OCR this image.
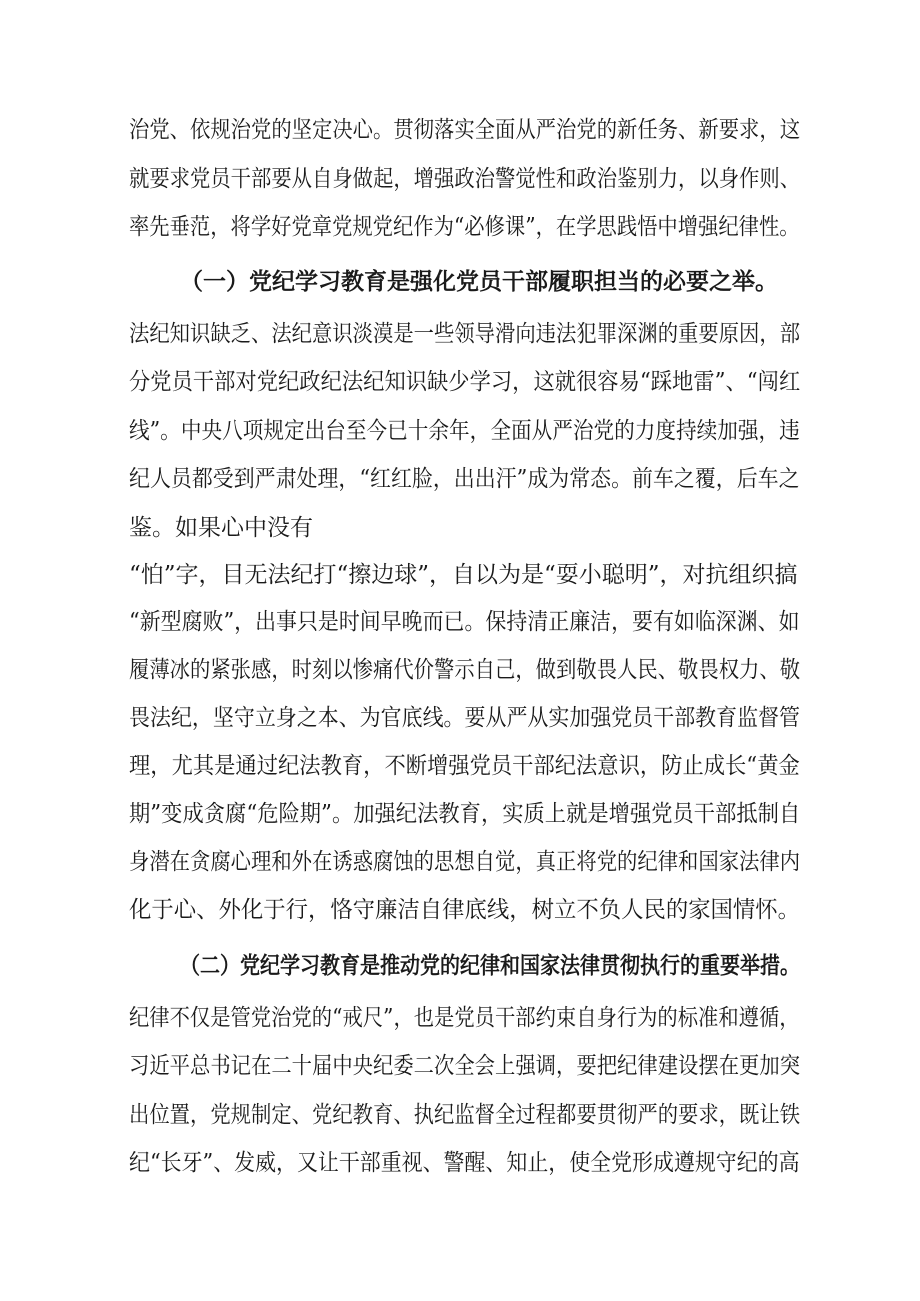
治党、依规治党的坚定决心。贯彻落实全面从严治党的新任务、新要求，这
就要求党员干部要从自身做起，增强政治警觉性和政治鉴别力，以身作则、
率先垂范，将学好党章党规党纪作为“必修课”，在学思践悟中增强纪律性。
（一）党纪学习教育是强化党员干部履职担当的必要之举。
法纪知识缺乏、法纪意识淡漠是一些领导滑向违法犯罪深渊的重要原因，部
分党员干部对党纪政纪法纪知识缺少学习，这就很容易“踩地雷”、“闯红
线”。中央八项规定出台至今已十余年，全面从严治党的力度持续加强，违
纪人员都受到严肃处理，“红红脸，出出汗”成为常态。前车之覆，后车之
鉴。如果心中没有
“怕”字，目无法纪打“擦边球”，自以为是“耍小聪明”，对抗组织搞
“新型腐败”，出事只是时间早晚而已。保持清正廉洁，要有如临深渊、如
履薄冰的紧张感，时刻以惨痛代价警示自己，做到敬畏人民、敬畏权力、敬
畏法纪，坚守立身之本、为官底线。要从严从实加强党员干部教育监督管
理，尤其是通过纪法教育，不断增强党员干部纪法意识，防止成长“黄金
期”变成贪腐“危险期”。加强纪法教育，实质上就是增强党员干部抵制自
身潜在贪腐心理和外在诱惑腐蚀的思想自觉，真正将党的纪律和国家法律内
化于心、外化于行，恪守廉洁自律底线，树立不负人民的家国情怀。
（二）党纪学习教育是推动党的纪律和国家法律贯彻执行的重要举措。
纪律不仅是管党治党的“戒尺”，也是党员干部约束自身行为的标准和遵循，
习近平总书记在二十届中央纪委二次全会上强调，要把纪律建设摆在更加突
出位置，党规制定、党纪教育、执纪监督全过程都要贯彻严的要求，既让铁
纪“长牙”、发威，又让干部重视、警醒、知止，使全党形成遵规守纪的高
